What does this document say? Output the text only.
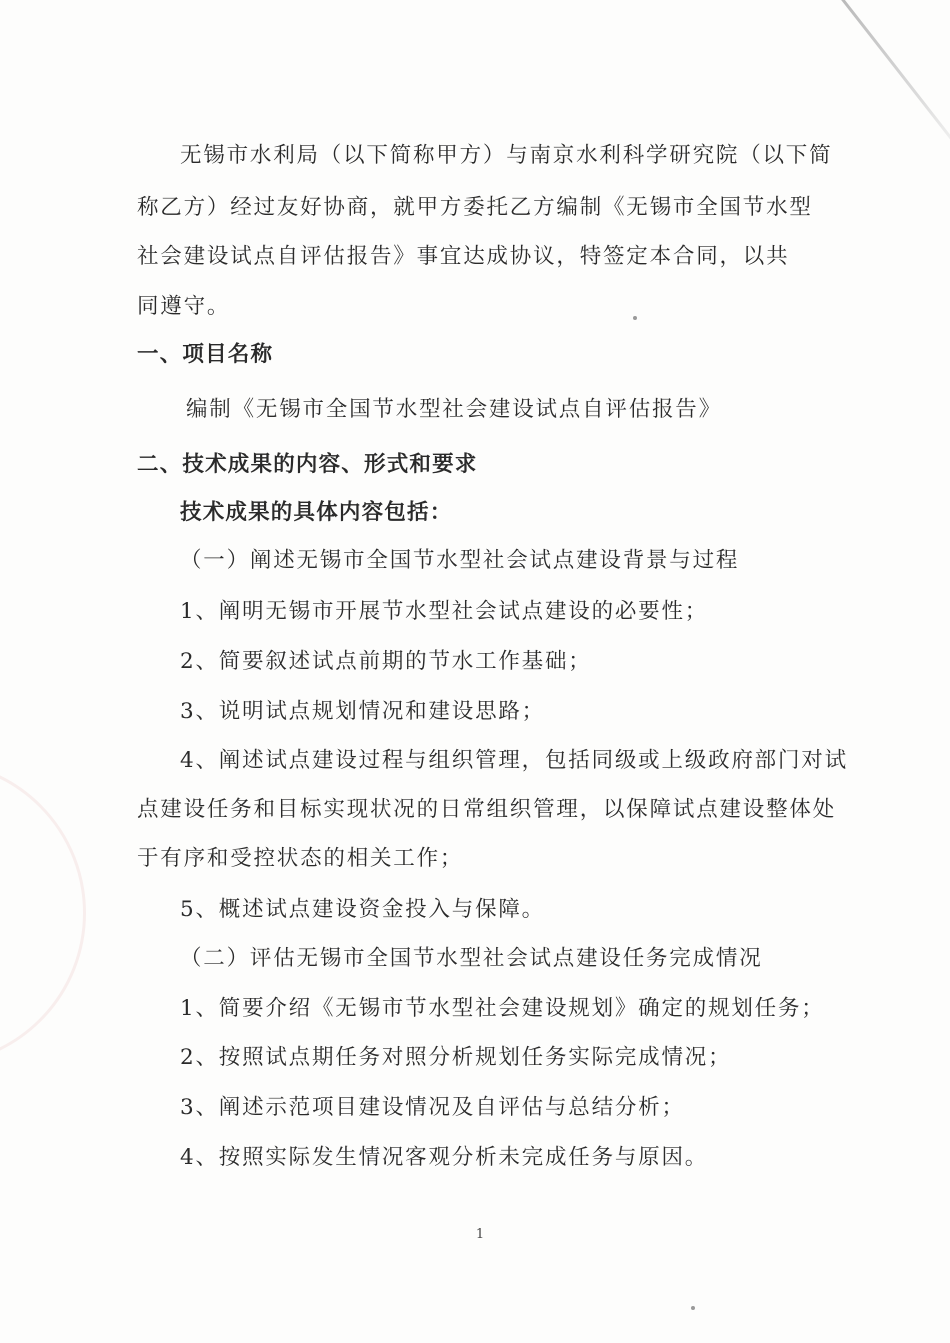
无锡市水利局（以下简称甲方）与南京水利科学研究院（以下简
称乙方）经过友好协商，就甲方委托乙方编制《无锡市全国节水型
社会建设试点自评估报告》事宜达成协议，特签定本合同，以共
同遵守。
一、项目名称
编制《无锡市全国节水型社会建设试点自评估报告》
二、技术成果的内容、形式和要求
技术成果的具体内容包括：
（一）阐述无锡市全国节水型社会试点建设背景与过程
1、阐明无锡市开展节水型社会试点建设的必要性；
2、简要叙述试点前期的节水工作基础；
3、说明试点规划情况和建设思路；
4、阐述试点建设过程与组织管理，包括同级或上级政府部门对试
点建设任务和目标实现状况的日常组织管理，以保障试点建设整体处
于有序和受控状态的相关工作；
5、概述试点建设资金投入与保障。
（二）评估无锡市全国节水型社会试点建设任务完成情况
1、简要介绍《无锡市节水型社会建设规划》确定的规划任务；
2、按照试点期任务对照分析规划任务实际完成情况；
3、阐述示范项目建设情况及自评估与总结分析；
4、按照实际发生情况客观分析未完成任务与原因。
1
